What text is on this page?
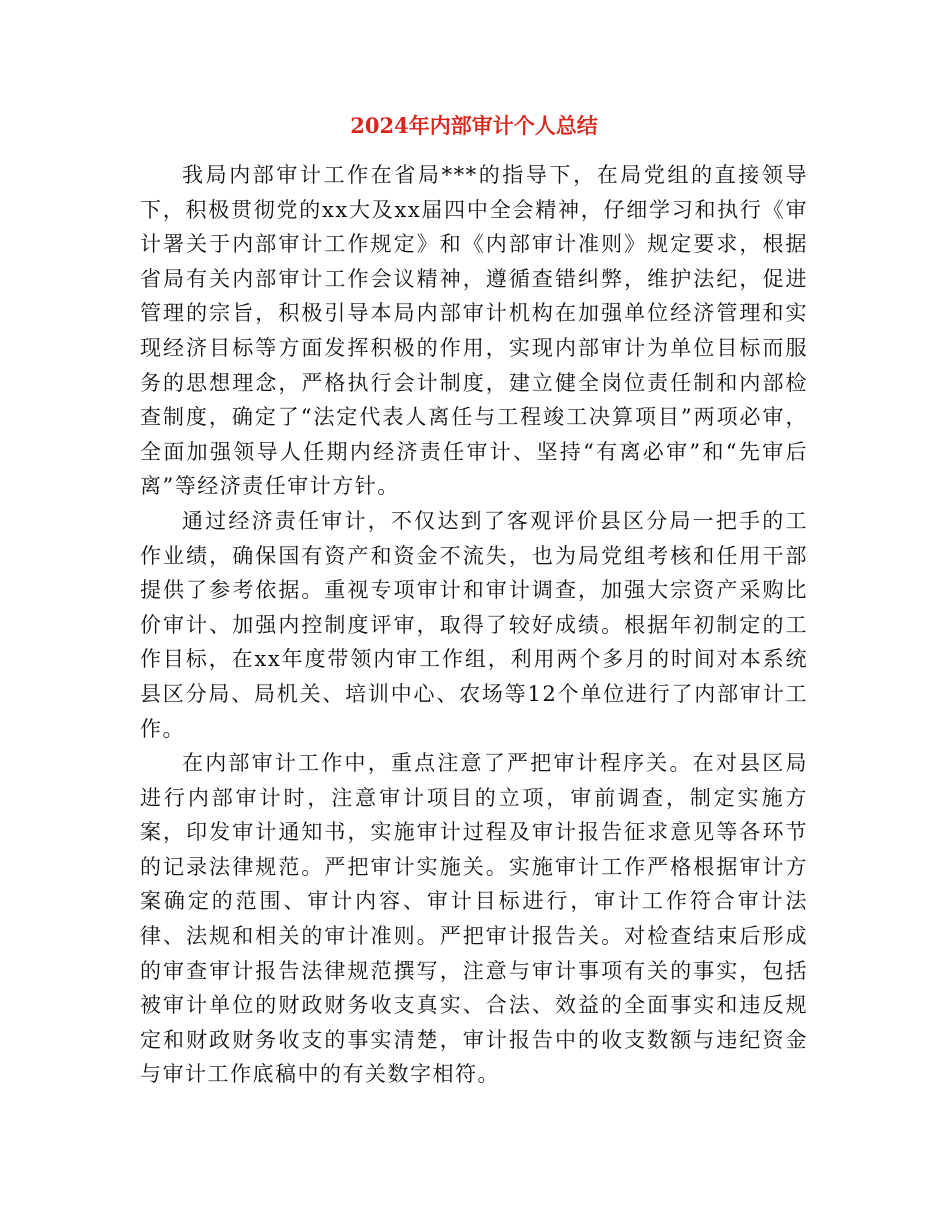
2024年内部审计个人总结

我局内部审计工作在省局***的指导下，在局党组的直接领导下，积极贯彻党的xx大及xx届四中全会精神，仔细学习和执行《审计署关于内部审计工作规定》和《内部审计准则》规定要求，根据省局有关内部审计工作会议精神，遵循查错纠弊，维护法纪，促进管理的宗旨，积极引导本局内部审计机构在加强单位经济管理和实现经济目标等方面发挥积极的作用，实现内部审计为单位目标而服务的思想理念，严格执行会计制度，建立健全岗位责任制和内部检查制度，确定了“法定代表人离任与工程竣工决算项目”两项必审，全面加强领导人任期内经济责任审计、坚持“有离必审”和“先审后离”等经济责任审计方针。

通过经济责任审计，不仅达到了客观评价县区分局一把手的工作业绩，确保国有资产和资金不流失，也为局党组考核和任用干部提供了参考依据。重视专项审计和审计调查，加强大宗资产采购比价审计、加强内控制度评审，取得了较好成绩。根据年初制定的工作目标，在xx年度带领内审工作组，利用两个多月的时间对本系统县区分局、局机关、培训中心、农场等12个单位进行了内部审计工作。

在内部审计工作中，重点注意了严把审计程序关。在对县区局进行内部审计时，注意审计项目的立项，审前调查，制定实施方案，印发审计通知书，实施审计过程及审计报告征求意见等各环节的记录法律规范。严把审计实施关。实施审计工作严格根据审计方案确定的范围、审计内容、审计目标进行，审计工作符合审计法律、法规和相关的审计准则。严把审计报告关。对检查结束后形成的审查审计报告法律规范撰写，注意与审计事项有关的事实，包括被审计单位的财政财务收支真实、合法、效益的全面事实和违反规定和财政财务收支的事实清楚，审计报告中的收支数额与违纪资金与审计工作底稿中的有关数字相符。
